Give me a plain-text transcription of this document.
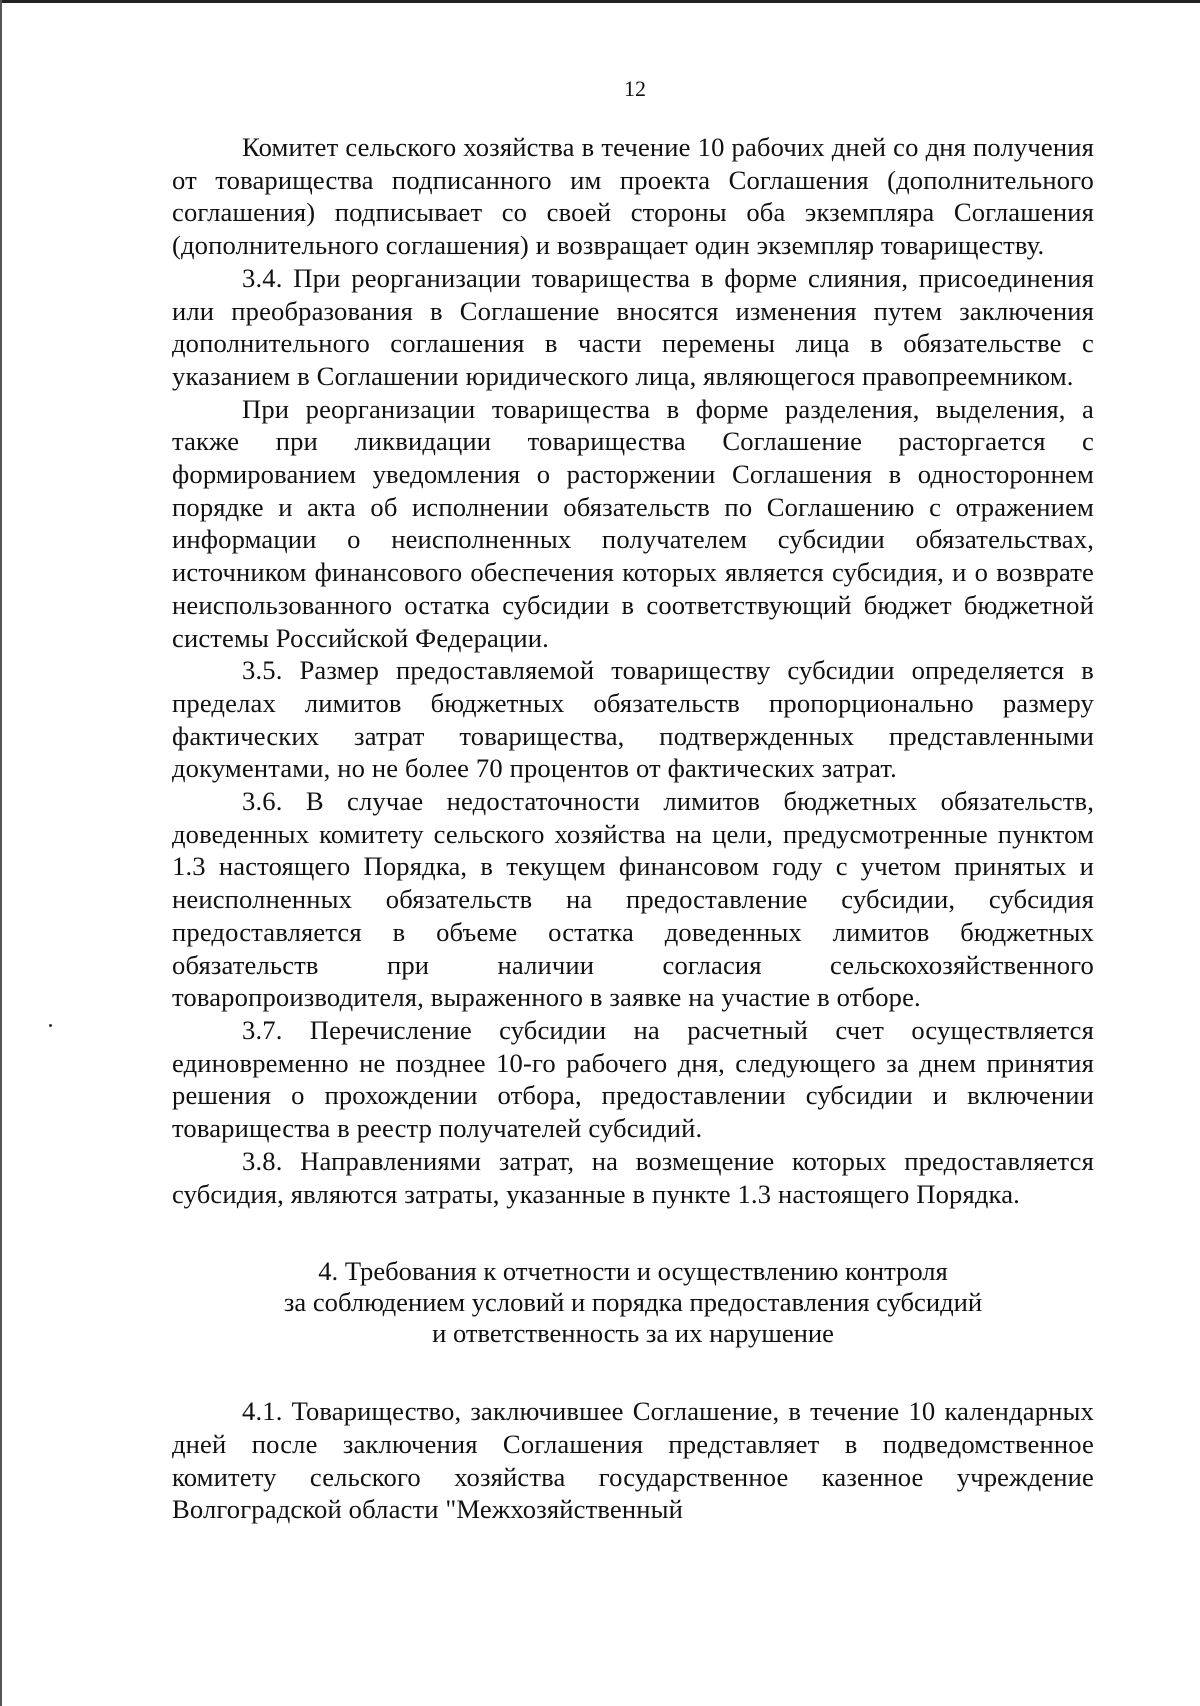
12

Комитет сельского хозяйства в течение 10 рабочих дней со дня получения от товарищества подписанного им проекта Соглашения (дополнительного соглашения) подписывает со своей стороны оба экземпляра Соглашения (дополнительного соглашения) и возвращает один экземпляр товариществу.

3.4. При реорганизации товарищества в форме слияния, присоединения или преобразования в Соглашение вносятся изменения путем заключения дополнительного соглашения в части перемены лица в обязательстве с указанием в Соглашении юридического лица, являющегося правопреемником.

При реорганизации товарищества в форме разделения, выделения, а также при ликвидации товарищества Соглашение расторгается с формированием уведомления о расторжении Соглашения в одностороннем порядке и акта об исполнении обязательств по Соглашению с отражением информации о неисполненных получателем субсидии обязательствах, источником финансового обеспечения которых является субсидия, и о возврате неиспользованного остатка субсидии в соответствующий бюджет бюджетной системы Российской Федерации.

3.5. Размер предоставляемой товариществу субсидии определяется в пределах лимитов бюджетных обязательств пропорционально размеру фактических затрат товарищества, подтвержденных представленными документами, но не более 70 процентов от фактических затрат.

3.6. В случае недостаточности лимитов бюджетных обязательств, доведенных комитету сельского хозяйства на цели, предусмотренные пунктом 1.3 настоящего Порядка, в текущем финансовом году с учетом принятых и неисполненных обязательств на предоставление субсидии, субсидия предоставляется в объеме остатка доведенных лимитов бюджетных обязательств при наличии согласия сельскохозяйственного товаропроизводителя, выраженного в заявке на участие в отборе.

3.7. Перечисление субсидии на расчетный счет осуществляется единовременно не позднее 10-го рабочего дня, следующего за днем принятия решения о прохождении отбора, предоставлении субсидии и включении товарищества в реестр получателей субсидий.

3.8. Направлениями затрат, на возмещение которых предоставляется субсидия, являются затраты, указанные в пункте 1.3 настоящего Порядка.

4. Требования к отчетности и осуществлению контроля
за соблюдением условий и порядка предоставления субсидий
и ответственность за их нарушение

4.1. Товарищество, заключившее Соглашение, в течение 10 календарных дней после заключения Соглашения представляет в подведомственное комитету сельского хозяйства государственное казенное учреждение Волгоградской области "Межхозяйственный
